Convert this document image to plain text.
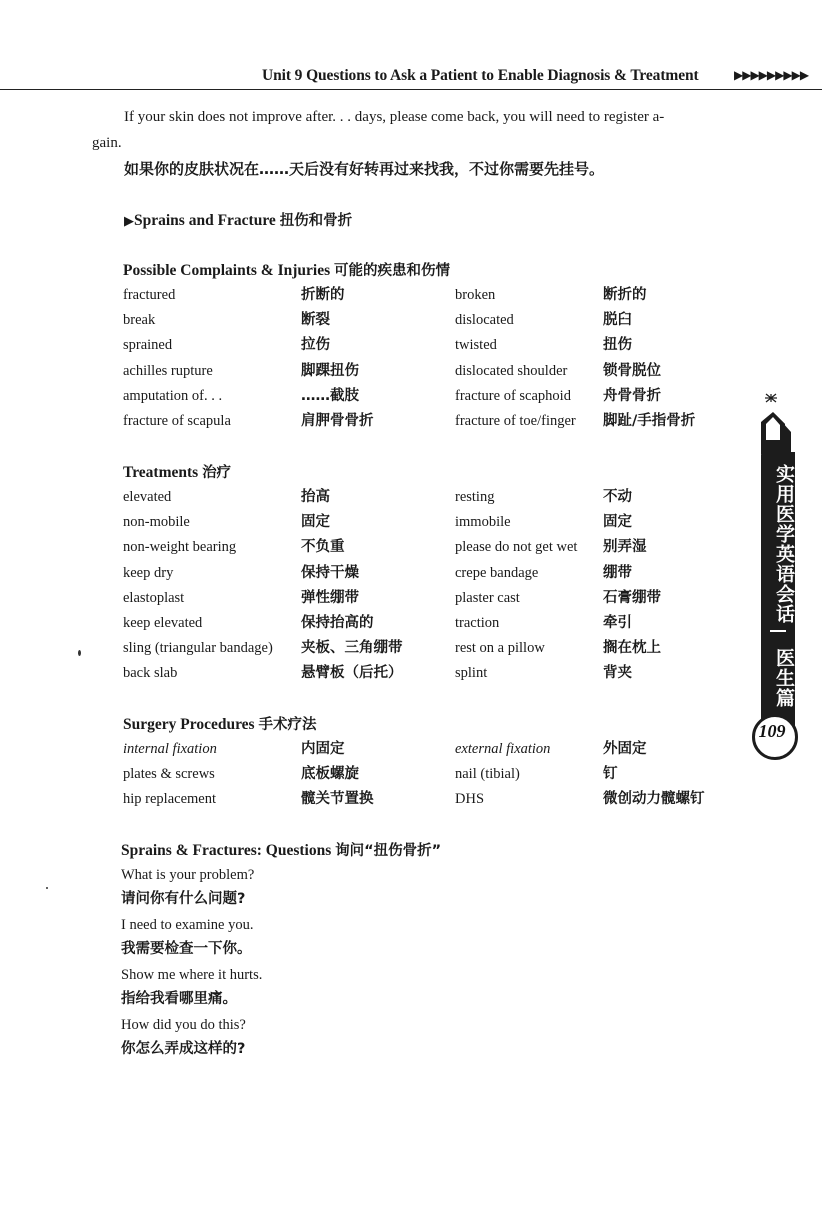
Unit 9 Questions to Ask a Patient to Enable Diagnosis & Treatment	▶▶▶▶▶▶▶▶▶
If your skin does not improve after. . . days, please come back, you will need to register a-
gain.
如果你的皮肤状况在……天后没有好转再过来找我，不过你需要先挂号。
▶Sprains and Fracture 扭伤和骨折
Possible Complaints & Injuries 可能的疾患和伤情
fractured	折断的	broken	断折的
break	断裂	dislocated	脱臼
sprained	拉伤	twisted	扭伤
achilles rupture	脚踝扭伤	dislocated shoulder 锁骨脱位
amputation of. . .	……截肢	fracture of scaphoid 舟骨骨折
fracture of scapula	肩胛骨骨折	fracture of toe/finger 脚趾/手指骨折
Treatments 治疗
elevated	抬高	resting	不动
non-mobile	固定	immobile	固定
non-weight bearing	不负重	please do not get wet 别弄湿
keep dry	保持干燥	crepe bandage	绷带
elastoplast	弹性绷带	plaster cast	石膏绷带
keep elevated	保持抬高的	traction	牵引
sling (triangular bandage) 夹板、三角绷带	rest on a pillow	搁在枕上
back slab	悬臂板（后托）	splint	背夹
Surgery Procedures 手术疗法
internal fixation	内固定	external fixation	外固定
plates & screws	底板螺旋	nail (tibial)	钉
hip replacement	髋关节置换	DHS	微创动力髋螺钉
Sprains & Fractures: Questions 询问“扭伤骨折”
What is your problem?
请问你有什么问题?
I need to examine you.
我需要检查一下你。
Show me where it hurts.
指给我看哪里痛。
How did you do this?
你怎么弄成这样的?
实用医学英语会话
医生篇
109
